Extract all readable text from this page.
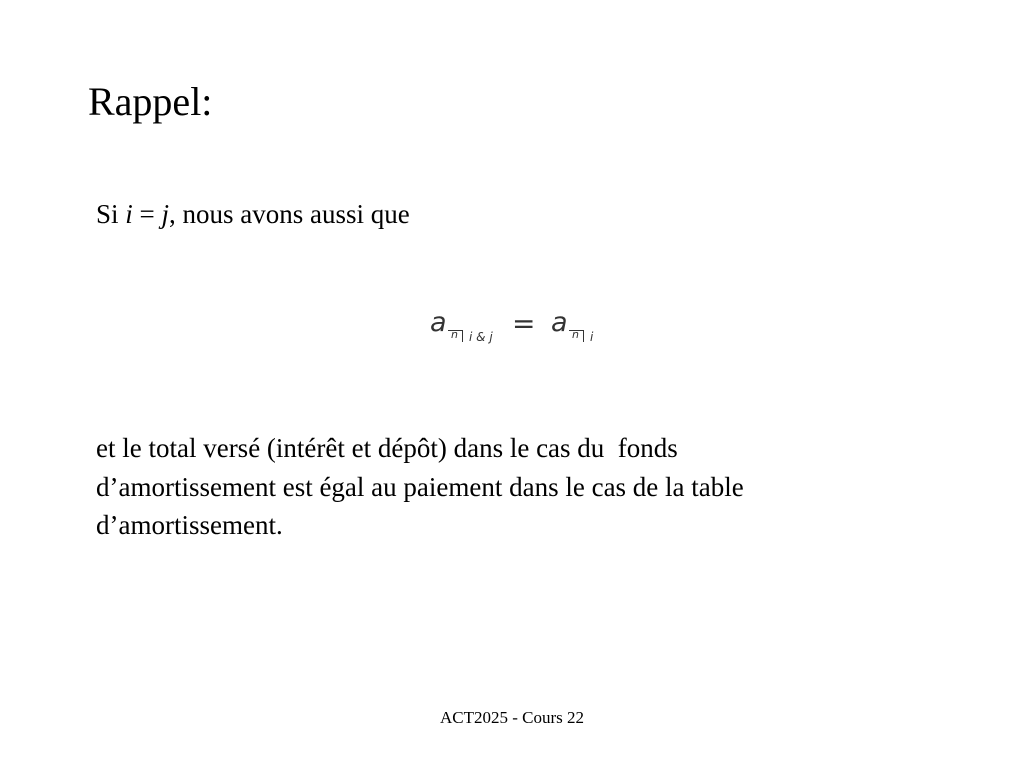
Rappel:
Si i = j, nous avons aussi que
a n i & j = a n i
et le total versé (intérêt et dépôt) dans le cas du  fonds
d’amortissement est égal au paiement dans le cas de la table
d’amortissement.
ACT2025 - Cours 22
